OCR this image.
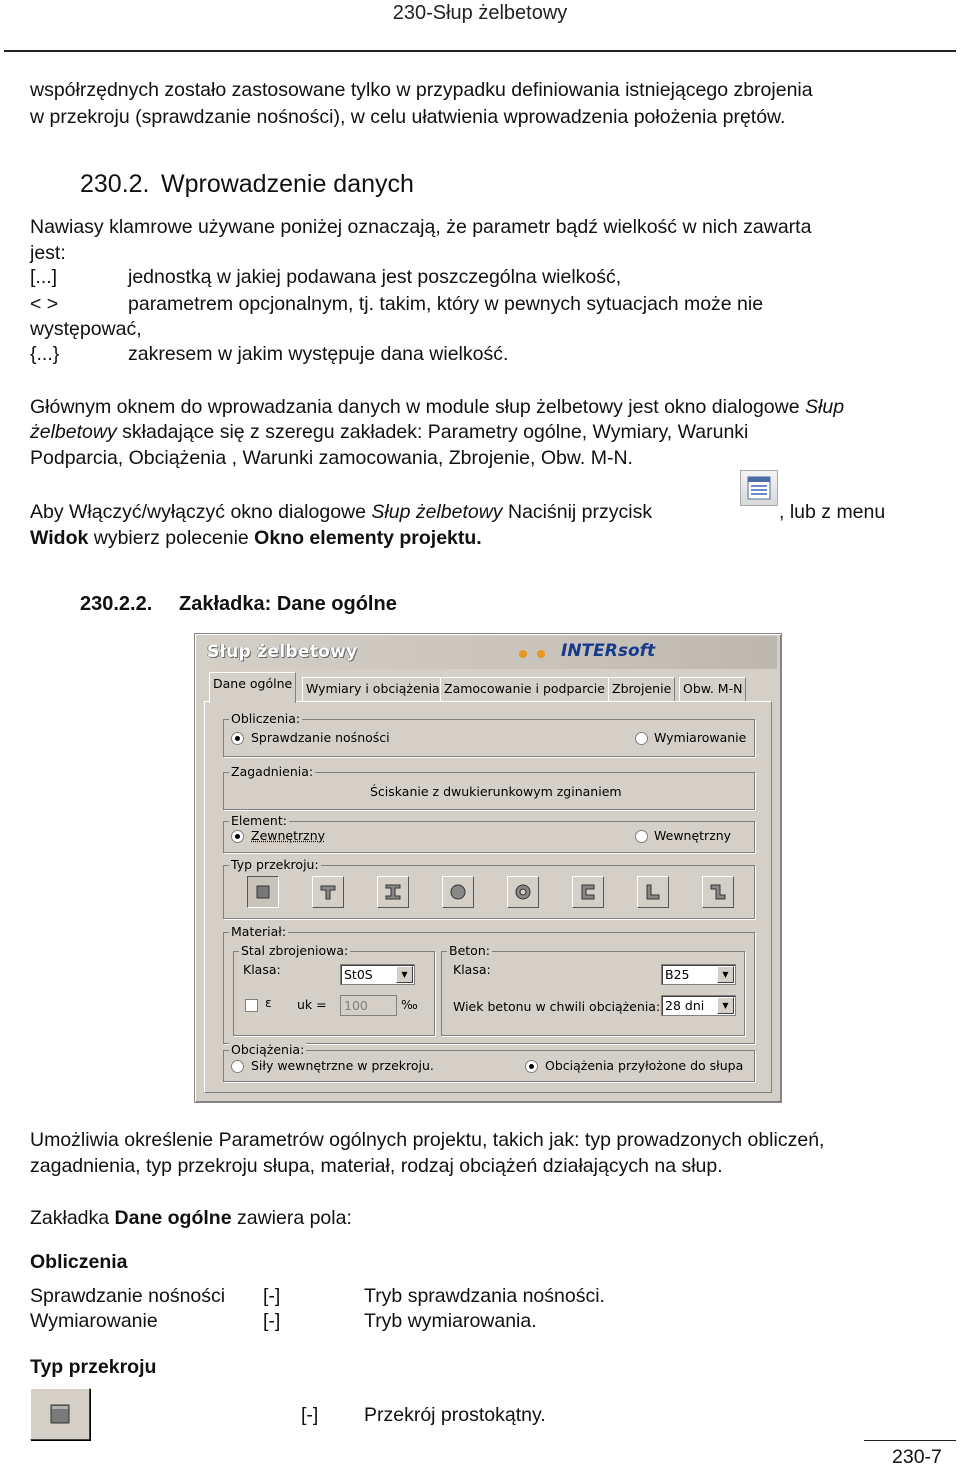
230-Słup żelbetowy
współrzędnych zostało zastosowane tylko w przypadku definiowania istniejącego zbrojenia
w przekroju (sprawdzanie nośności), w celu ułatwienia wprowadzenia położenia prętów.
230.2. Wprowadzenie danych
Nawiasy klamrowe używane poniżej oznaczają, że parametr bądź wielkość w nich zawarta
jest:
[...]	jednostką w jakiej podawana jest poszczególna wielkość,
< >	parametrem opcjonalnym, tj. takim, który w pewnych sytuacjach może nie
występować,
{...}	zakresem w jakim występuje dana wielkość.
Głównym oknem do wprowadzania danych w module słup żelbetowy jest okno dialogowe Słup
żelbetowy składające się z szeregu zakładek: Parametry ogólne, Wymiary, Warunki
Podparcia, Obciążenia , Warunki zamocowania, Zbrojenie, Obw. M-N.
Aby Włączyć/wyłączyć okno dialogowe Słup żelbetowy Naciśnij przycisk	, lub z menu
Widok wybierz polecenie Okno elementy projektu.
230.2.2. Zakładka: Dane ogólne
Słup żelbetowy	INTERsoft
Dane ogólne	Wymiary i obciążenia Zamocowanie i podparcie Zbrojenie Obw. M-N
Obliczenia:
Sprawdzanie nośności	Wymiarowanie
Zagadnienia:
Ściskanie z dwukierunkowym zginaniem
Element:
Zewnętrzny	Wewnętrzny
Typ przekroju:
Materiał:
Stal zbrojeniowa:
Klasa:	St0S	▼
ε uk =	100	‰
Beton:
Klasa:	B25	▼
Wiek betonu w chwili obciążenia: 28 dni	▼
Obciążenia:
Siły wewnętrzne w przekroju.	Obciążenia przyłożone do słupa
Umożliwia określenie Parametrów ogólnych projektu, takich jak: typ prowadzonych obliczeń,
zagadnienia, typ przekroju słupa, materiał, rodzaj obciążeń działających na słup.
Zakładka Dane ogólne zawiera pola:
Obliczenia
Sprawdzanie nośności [-]	Tryb sprawdzania nośności.
Wymiarowanie	[-]	Tryb wymiarowania.
Typ przekroju
[-] Przekrój prostokątny.
230-7
